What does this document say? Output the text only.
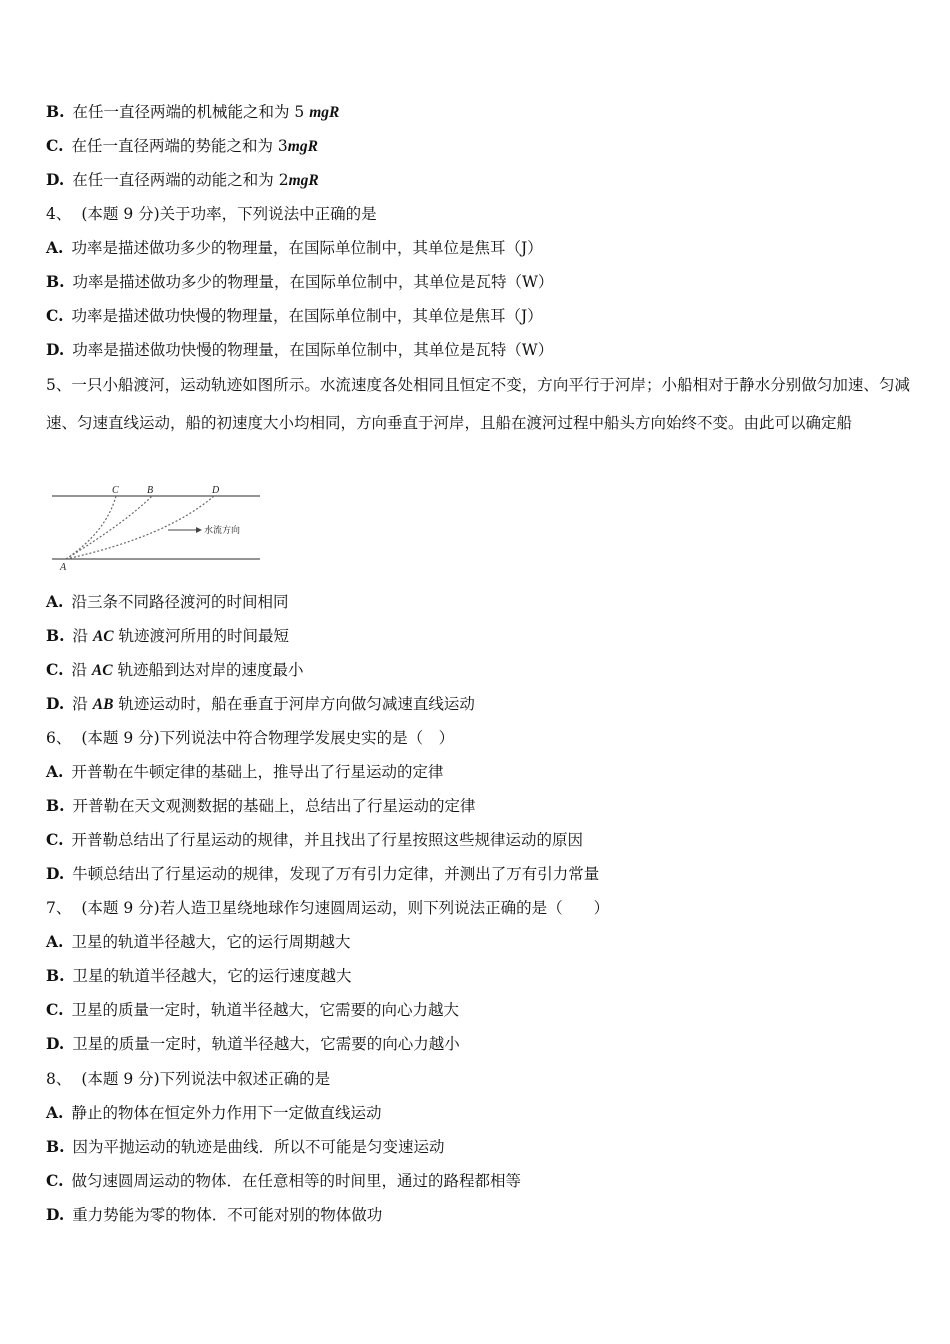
B. 在任一直径两端的机械能之和为 5 mgR
C. 在任一直径两端的势能之和为 3mgR
D. 在任一直径两端的动能之和为 2mgR
4、 (本题 9 分)关于功率，下列说法中正确的是
A. 功率是描述做功多少的物理量，在国际单位制中，其单位是焦耳（J）
B. 功率是描述做功多少的物理量，在国际单位制中，其单位是瓦特（W）
C. 功率是描述做功快慢的物理量，在国际单位制中，其单位是焦耳（J）
D. 功率是描述做功快慢的物理量，在国际单位制中，其单位是瓦特（W）
5、一只小船渡河，运动轨迹如图所示。水流速度各处相同且恒定不变，方向平行于河岸；小船相对于静水分别做匀加速、匀减速、匀速直线运动，船的初速度大小均相同，方向垂直于河岸，且船在渡河过程中船头方向始终不变。由此可以确定船
C	B	D
A
水流方向
A. 沿三条不同路径渡河的时间相同
B. 沿 AC 轨迹渡河所用的时间最短
C. 沿 AC 轨迹船到达对岸的速度最小
D. 沿 AB 轨迹运动时，船在垂直于河岸方向做匀减速直线运动
6、 (本题 9 分)下列说法中符合物理学发展史实的是（　）
A. 开普勒在牛顿定律的基础上，推导出了行星运动的定律
B. 开普勒在天文观测数据的基础上，总结出了行星运动的定律
C. 开普勒总结出了行星运动的规律，并且找出了行星按照这些规律运动的原因
D. 牛顿总结出了行星运动的规律，发现了万有引力定律，并测出了万有引力常量
7、 (本题 9 分)若人造卫星绕地球作匀速圆周运动，则下列说法正确的是（　　）
A. 卫星的轨道半径越大，它的运行周期越大
B. 卫星的轨道半径越大，它的运行速度越大
C. 卫星的质量一定时，轨道半径越大，它需要的向心力越大
D. 卫星的质量一定时，轨道半径越大，它需要的向心力越小
8、 (本题 9 分)下列说法中叙述正确的是
A. 静止的物体在恒定外力作用下一定做直线运动
B. 因为平抛运动的轨迹是曲线．所以不可能是匀变速运动
C. 做匀速圆周运动的物体．在任意相等的时间里，通过的路程都相等
D. 重力势能为零的物体．不可能对别的物体做功
